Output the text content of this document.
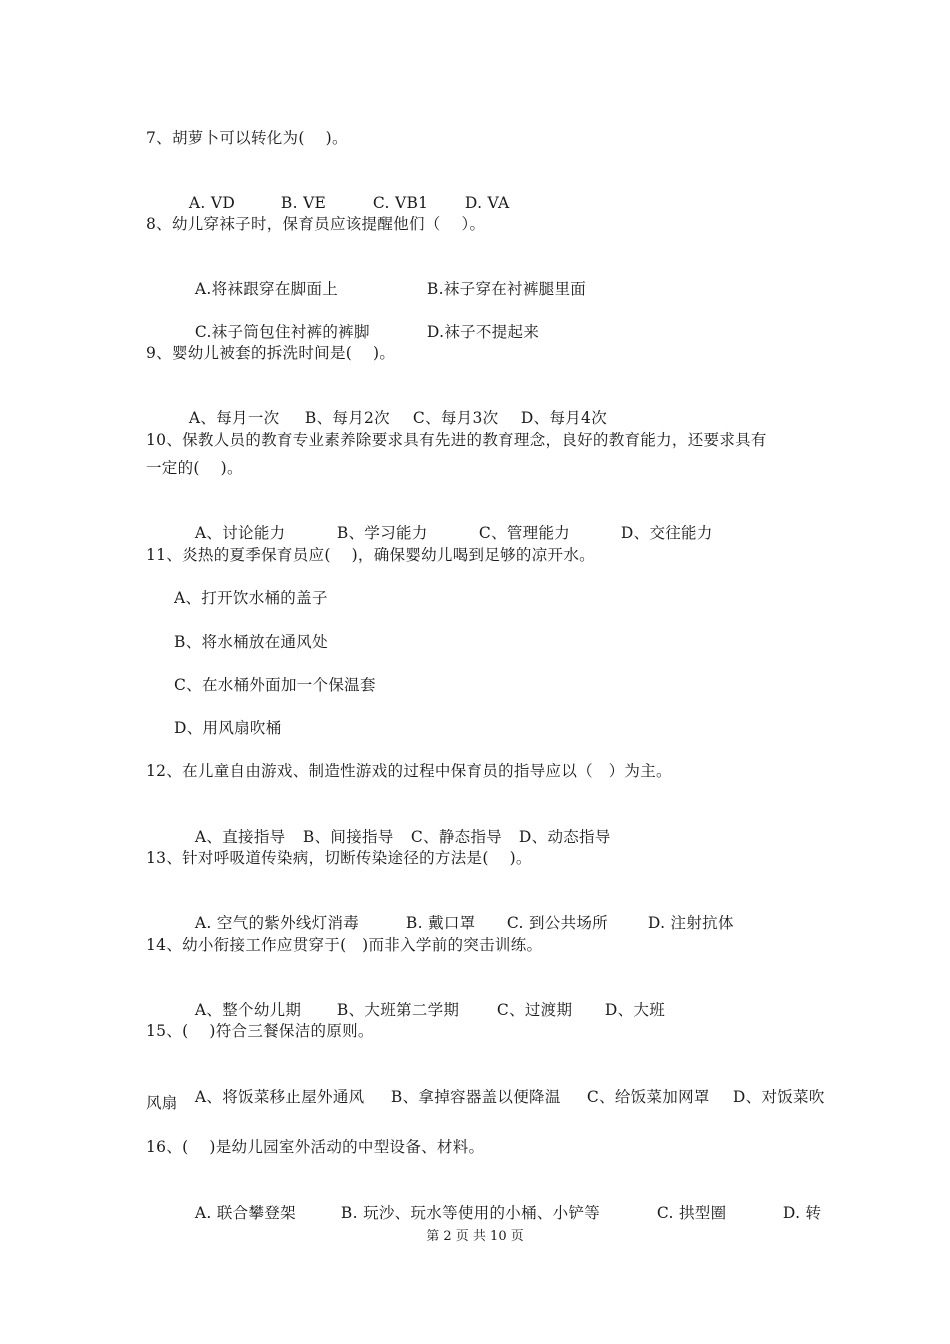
7、胡萝卜可以转化为(    )。

A. VD	B. VE	C. VB1 D. VA

8、幼儿穿袜子时，保育员应该提醒他们（    ）。

A.将袜跟穿在脚面上	B.袜子穿在衬裤腿里面

C.袜子筒包住衬裤的裤脚	D.袜子不提起来

9、婴幼儿被套的拆洗时间是(    )。

A、每月一次 B、每月2次 C、每月3次 D、每月4次

10、保教人员的教育专业素养除要求具有先进的教育理念，良好的教育能力，还要求具有
一定的(    )。

A、讨论能力	B、学习能力	C、管理能力	D、交往能力

11、炎热的夏季保育员应(    )，确保婴幼儿喝到足够的凉开水。
A、打开饮水桶的盖子
B、将水桶放在通风处
C、在水桶外面加一个保温套
D、用风扇吹桶
12、在儿童自由游戏、制造性游戏的过程中保育员的指导应以（   ）为主。

A、直接指导 B、间接指导 C、静态指导 D、动态指导

13、针对呼吸道传染病，切断传染途径的方法是(    )。

A. 空气的紫外线灯消毒	B. 戴口罩 C. 到公共场所	D. 注射抗体

14、幼小衔接工作应贯穿于(   )而非入学前的突击训练。

A、整个幼儿期 B、大班第二学期 C、过渡期 D、大班

15、(    )符合三餐保洁的原则。

A、将饭菜移止屋外通风 B、拿掉容器盖以便降温 C、给饭菜加网罩 D、对饭菜吹

风扇
16、(    )是幼儿园室外活动的中型设备、材料。

A. 联合攀登架	B. 玩沙、玩水等使用的小桶、小铲等	C. 拱型圈	D. 转

第 2 页 共 10 页
